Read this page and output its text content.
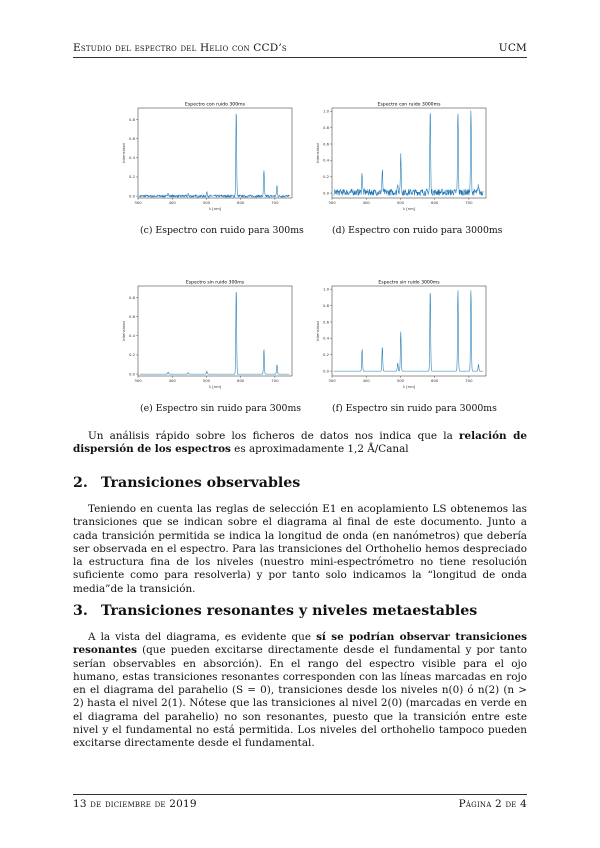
Estudio del espectro del Helio con CCD’s	UCM
Espectro con ruido 300ms
300	400	500	600	700
0.0
0.2
0.4
0.6
0.8
λ [nm]
Intensidad
(c) Espectro con ruido para 300ms
Espectro con ruido 3000ms
300	400	500	600	700
0.0
0.2
0.4
0.6
0.8
1.0
λ [nm]
Intensidad
(d) Espectro con ruido para 3000ms
Espectro sin ruido 300ms
300	400	500	600	700
0.0
0.2
0.4
0.6
0.8
λ [nm]
Intensidad
(e) Espectro sin ruido para 300ms
Espectro sin ruido 3000ms
300	400	500	600	700
0.0
0.2
0.4
0.6
0.8
1.0
λ [nm]
Intensidad
(f) Espectro sin ruido para 3000ms

Un análisis rápido sobre los ficheros de datos nos indica que la relación de dispersión de los espectros es aproximadamente 1,2 Å/Canal

2. Transiciones observables

Teniendo en cuenta las reglas de selección E1 en acoplamiento LS obtenemos las transiciones que se indican sobre el diagrama al final de este documento. Junto a cada transición permitida se indica la longitud de onda (en nanómetros) que debería ser observada en el espectro. Para las transiciones del Orthohelio hemos despreciado la estructura fina de los niveles (nuestro mini-espectrómetro no tiene resolución suficiente como para resolverla) y por tanto solo indicamos la “longitud de onda media”de la transición.

3. Transiciones resonantes y niveles metaestables

A la vista del diagrama, es evidente que sí se podrían observar transiciones resonantes (que pueden excitarse directamente desde el fundamental y por tanto serían observables en absorción). En el rango del espectro visible para el ojo humano, estas transiciones resonantes corresponden con las líneas marcadas en rojo en el diagrama del parahelio (S = 0), transiciones desde los niveles n(0) ó n(2) (n > 2) hasta el nivel 2(1). Nótese que las transiciones al nivel 2(0) (marcadas en verde en el diagrama del parahelio) no son resonantes, puesto que la transición entre este nivel y el fundamental no está permitida. Los niveles del orthohelio tampoco pueden excitarse directamente desde el fundamental.

13 de diciembre de 2019	Página 2 de 4
